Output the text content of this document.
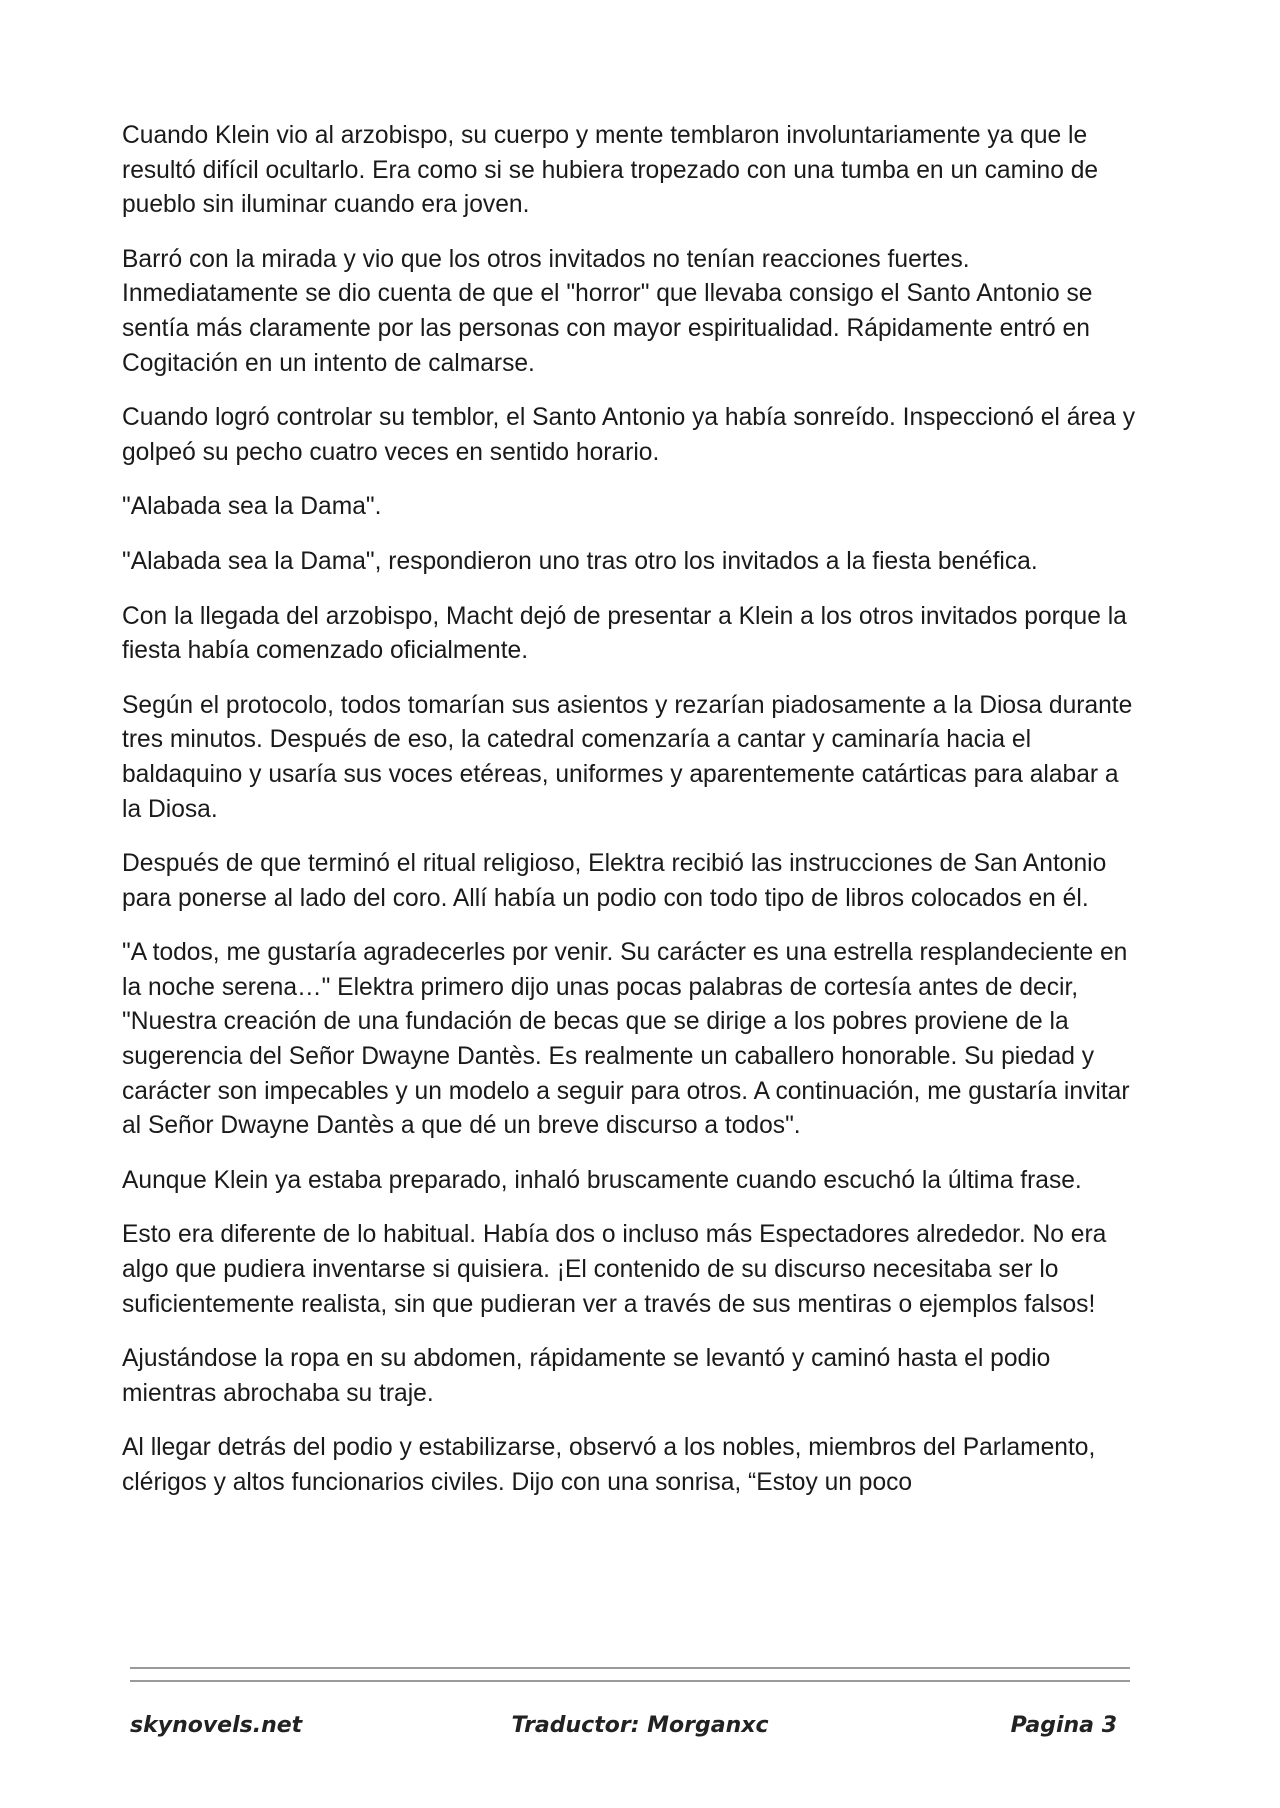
Cuando Klein vio al arzobispo, su cuerpo y mente temblaron involuntariamente ya que le resultó difícil ocultarlo. Era como si se hubiera tropezado con una tumba en un camino de pueblo sin iluminar cuando era joven.

Barró con la mirada y vio que los otros invitados no tenían reacciones fuertes. Inmediatamente se dio cuenta de que el "horror" que llevaba consigo el Santo Antonio se sentía más claramente por las personas con mayor espiritualidad. Rápidamente entró en Cogitación en un intento de calmarse.

Cuando logró controlar su temblor, el Santo Antonio ya había sonreído. Inspeccionó el área y golpeó su pecho cuatro veces en sentido horario.

"Alabada sea la Dama".

"Alabada sea la Dama", respondieron uno tras otro los invitados a la fiesta benéfica.

Con la llegada del arzobispo, Macht dejó de presentar a Klein a los otros invitados porque la fiesta había comenzado oficialmente.

Según el protocolo, todos tomarían sus asientos y rezarían piadosamente a la Diosa durante tres minutos. Después de eso, la catedral comenzaría a cantar y caminaría hacia el baldaquino y usaría sus voces etéreas, uniformes y aparentemente catárticas para alabar a la Diosa.

Después de que terminó el ritual religioso, Elektra recibió las instrucciones de San Antonio para ponerse al lado del coro. Allí había un podio con todo tipo de libros colocados en él.

"A todos, me gustaría agradecerles por venir. Su carácter es una estrella resplandeciente en la noche serena…" Elektra primero dijo unas pocas palabras de cortesía antes de decir, "Nuestra creación de una fundación de becas que se dirige a los pobres proviene de la sugerencia del Señor Dwayne Dantès. Es realmente un caballero honorable. Su piedad y carácter son impecables y un modelo a seguir para otros. A continuación, me gustaría invitar al Señor Dwayne Dantès a que dé un breve discurso a todos".

Aunque Klein ya estaba preparado, inhaló bruscamente cuando escuchó la última frase.

Esto era diferente de lo habitual. Había dos o incluso más Espectadores alrededor. No era algo que pudiera inventarse si quisiera. ¡El contenido de su discurso necesitaba ser lo suficientemente realista, sin que pudieran ver a través de sus mentiras o ejemplos falsos!

Ajustándose la ropa en su abdomen, rápidamente se levantó y caminó hasta el podio mientras abrochaba su traje.

Al llegar detrás del podio y estabilizarse, observó a los nobles, miembros del Parlamento, clérigos y altos funcionarios civiles. Dijo con una sonrisa, “Estoy un poco

skynovels.net	Traductor: Morganxc	Pagina 3
